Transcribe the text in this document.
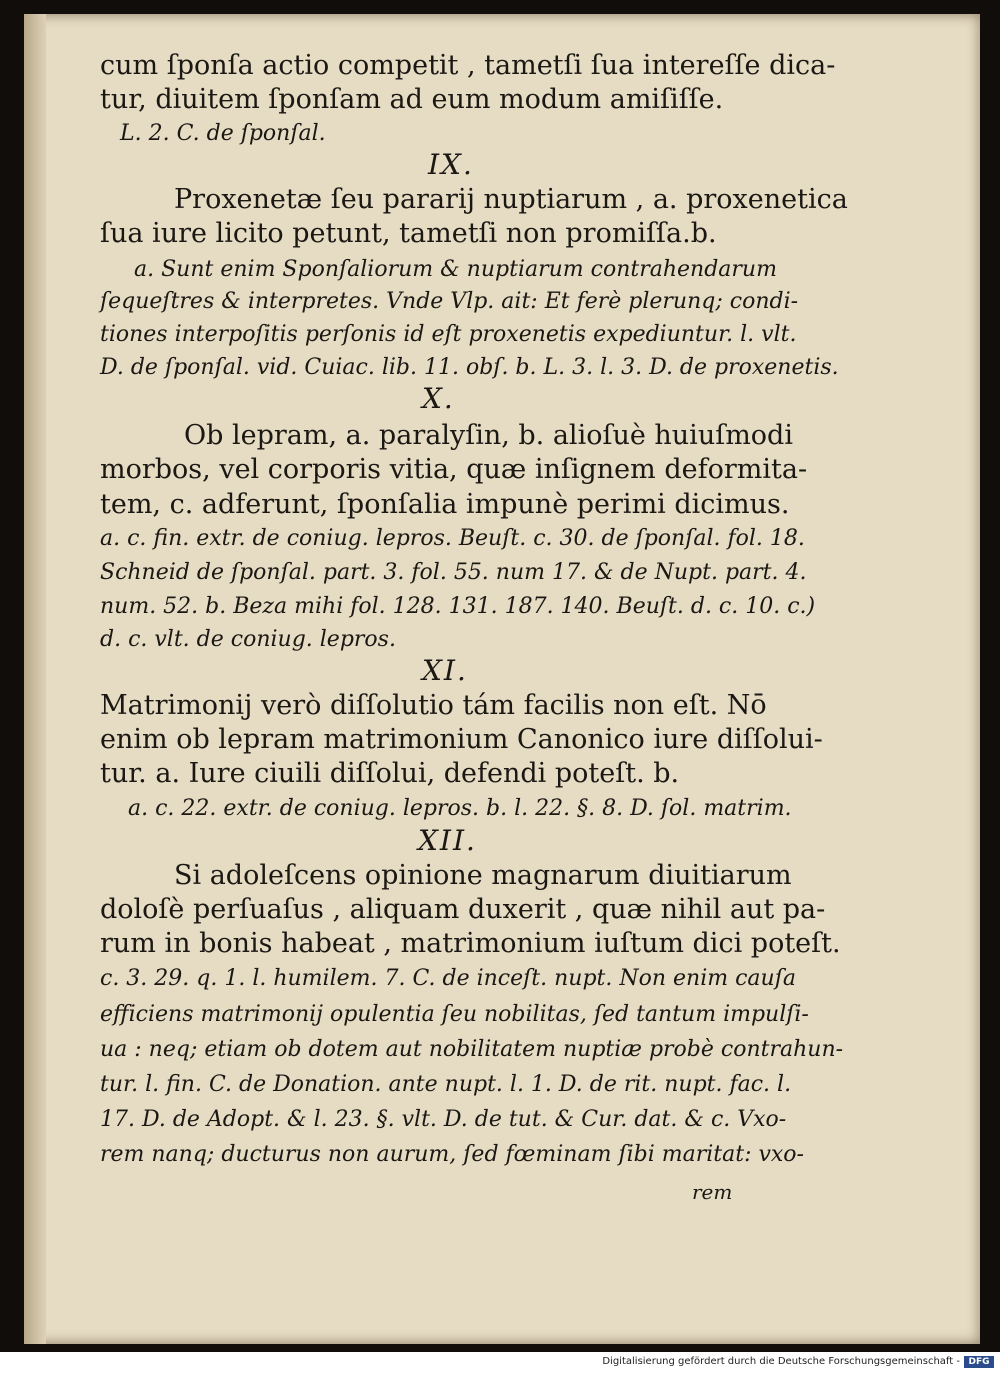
cum ſponſa actio competit , tametſi ſua intereſſe dica-

tur, diuitem ſponſam ad eum modum amiſiſſe.

L. 2. C. de ſponſal.

IX.

Proxenetæ ſeu pararij nuptiarum , a. proxenetica

ſua iure licito petunt, tametſi non promiſſa.b.

a. Sunt enim Sponſaliorum & nuptiarum contrahendarum

ſequeſtres & interpretes. Vnde Vlp. ait: Et ferè plerunq; condi-

tiones interpoſitis perſonis id eſt proxenetis expediuntur. l. vlt.

D. de ſponſal. vid. Cuiac. lib. 11. obſ. b. L. 3. l. 3. D. de proxenetis.

X.

Ob lepram, a. paralyſin, b. alioſuè huiuſmodi

morbos, vel corporis vitia, quæ inſignem deformita-

tem, c. adferunt, ſponſalia impunè perimi dicimus.

a. c. fin. extr. de coniug. lepros. Beuſt. c. 30. de ſponſal. fol. 18.

Schneid de ſponſal. part. 3. fol. 55. num 17. & de Nupt. part. 4.

num. 52. b. Beza mihi fol. 128. 131. 187. 140. Beuſt. d. c. 10. c.)

d. c. vlt. de coniug. lepros.

XI.

Matrimonij verò diſſolutio tám facilis non eſt. Nō

enim ob lepram matrimonium Canonico iure diſſolui-

tur. a. Iure ciuili diſſolui, defendi poteſt. b.

a. c. 22. extr. de coniug. lepros. b. l. 22. §. 8. D. ſol. matrim.

XII.

Si adoleſcens opinione magnarum diuitiarum

doloſè perſuaſus , aliquam duxerit , quæ nihil aut pa-

rum in bonis habeat , matrimonium iuſtum dici poteſt.

c. 3. 29. q. 1. l. humilem. 7. C. de inceſt. nupt. Non enim cauſa

efficiens matrimonij opulentia ſeu nobilitas, ſed tantum impulſi-

ua : neq; etiam ob dotem aut nobilitatem nuptiæ probè contrahun-

tur. l. fin. C. de Donation. ante nupt. l. 1. D. de rit. nupt. fac. l.

17. D. de Adopt. & l. 23. §. vlt. D. de tut. & Cur. dat. & c. Vxo-

rem nanq; ducturus non aurum, ſed fœminam ſibi maritat: vxo-

rem

Digitalisierung gefördert durch die Deutsche Forschungsgemeinschaft - DFG
